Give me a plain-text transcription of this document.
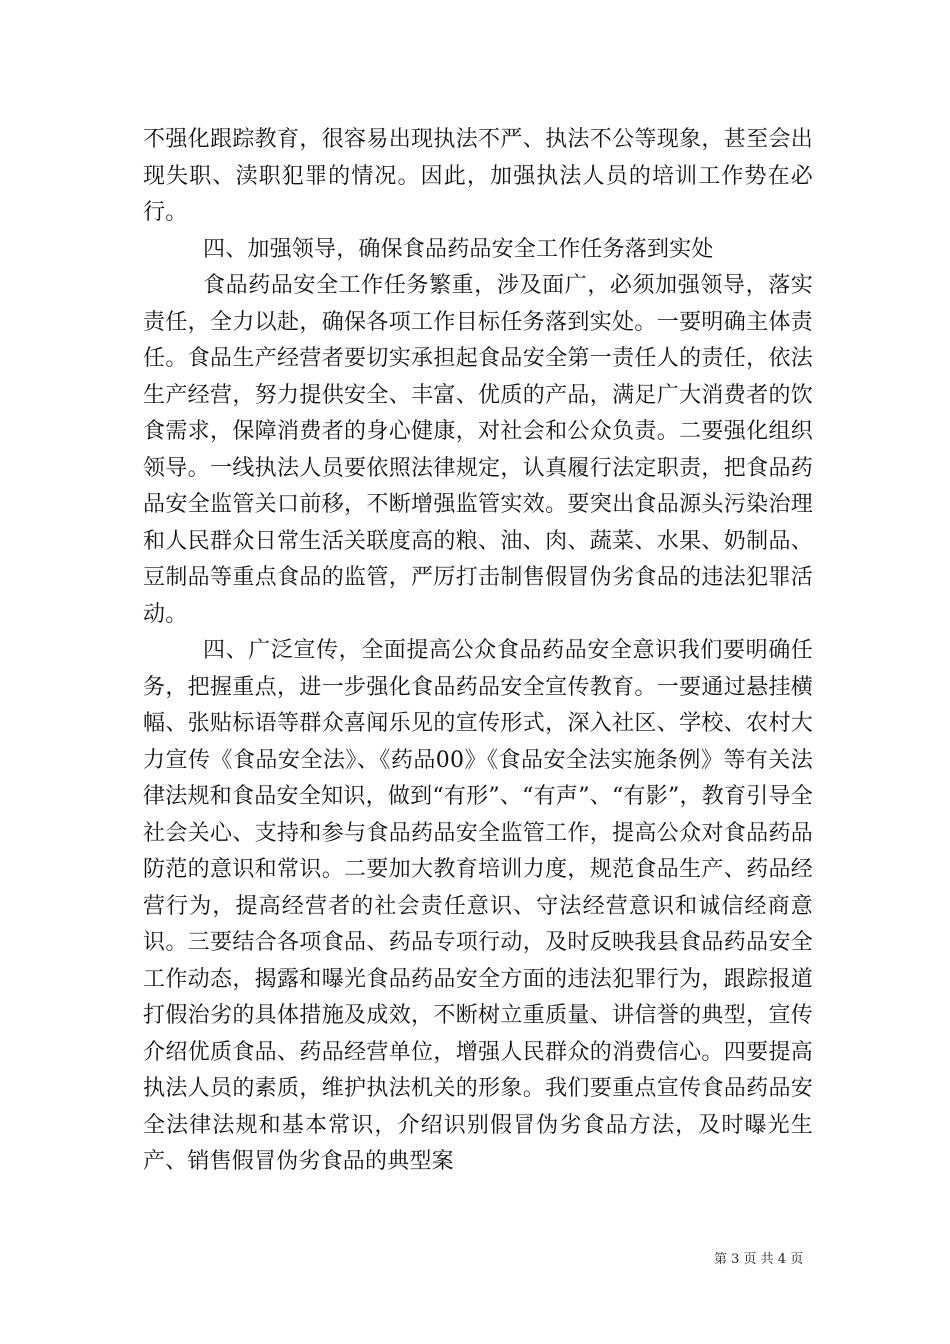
不强化跟踪教育，很容易出现执法不严、执法不公等现象，甚至会出现失职、渎职犯罪的情况。因此，加强执法人员的培训工作势在必行。

四、加强领导，确保食品药品安全工作任务落到实处

食品药品安全工作任务繁重，涉及面广，必须加强领导，落实责任，全力以赴，确保各项工作目标任务落到实处。一要明确主体责任。食品生产经营者要切实承担起食品安全第一责任人的责任，依法生产经营，努力提供安全、丰富、优质的产品，满足广大消费者的饮食需求，保障消费者的身心健康，对社会和公众负责。二要强化组织领导。一线执法人员要依照法律规定，认真履行法定职责，把食品药品安全监管关口前移，不断增强监管实效。要突出食品源头污染治理和人民群众日常生活关联度高的粮、油、肉、蔬菜、水果、奶制品、豆制品等重点食品的监管，严厉打击制售假冒伪劣食品的违法犯罪活动。

四、广泛宣传，全面提高公众食品药品安全意识我们要明确任务，把握重点，进一步强化食品药品安全宣传教育。一要通过悬挂横幅、张贴标语等群众喜闻乐见的宣传形式，深入社区、学校、农村大力宣传《食品安全法》、《药品00》《食品安全法实施条例》等有关法律法规和食品安全知识，做到“有形”、“有声”、“有影”，教育引导全社会关心、支持和参与食品药品安全监管工作，提高公众对食品药品防范的意识和常识。二要加大教育培训力度，规范食品生产、药品经营行为，提高经营者的社会责任意识、守法经营意识和诚信经商意识。三要结合各项食品、药品专项行动，及时反映我县食品药品安全工作动态，揭露和曝光食品药品安全方面的违法犯罪行为，跟踪报道打假治劣的具体措施及成效，不断树立重质量、讲信誉的典型，宣传介绍优质食品、药品经营单位，增强人民群众的消费信心。四要提高执法人员的素质，维护执法机关的形象。我们要重点宣传食品药品安全法律法规和基本常识，介绍识别假冒伪劣食品方法，及时曝光生产、销售假冒伪劣食品的典型案

第 3 页 共 4 页
